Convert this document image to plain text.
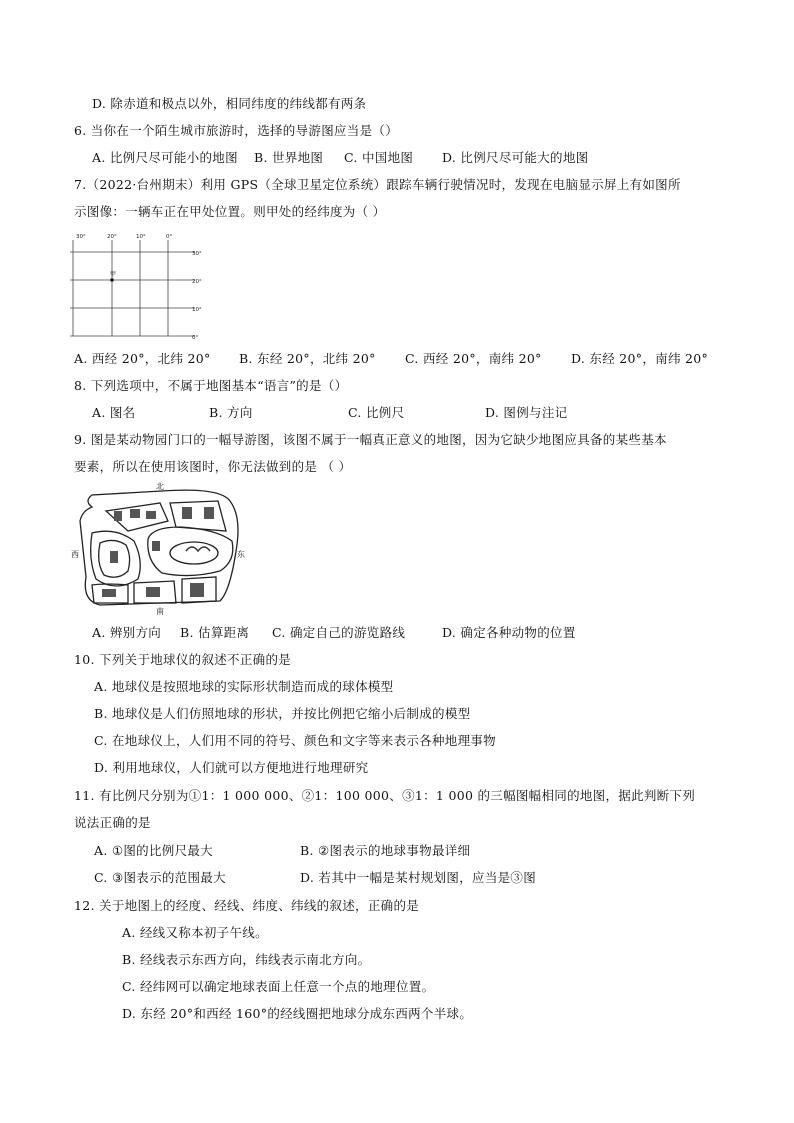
D. 除赤道和极点以外，相同纬度的纬线都有两条
6. 当你在一个陌生城市旅游时，选择的导游图应当是（）
A. 比例尺尽可能小的地图 B. 世界地图 C. 中国地图 D. 比例尺尽可能大的地图
7.（2022·台州期末）利用 GPS（全球卫星定位系统）跟踪车辆行驶情况时，发现在电脑显示屏上有如图所
示图像：一辆车正在甲处位置。则甲处的经纬度为（ ）
30°	20°	10°	0°
30°
20°
10°
0°
甲
A. 西经 20°，北纬 20° B. 东经 20°，北纬 20° C. 西经 20°，南纬 20° D. 东经 20°，南纬 20°
8. 下列选项中，不属于地图基本“语言”的是（）
A. 图名	B. 方向	C. 比例尺	D. 图例与注记
9. 图是某动物园门口的一幅导游图，该图不属于一幅真正意义的地图，因为它缺少地图应具备的某些基本
要素，所以在使用该图时，你无法做到的是 （ ）
北
南
西	东
A. 辨别方向 B. 估算距离 C. 确定自己的游览路线	D. 确定各种动物的位置
10. 下列关于地球仪的叙述不正确的是
A. 地球仪是按照地球的实际形状制造而成的球体模型
B. 地球仪是人们仿照地球的形状，并按比例把它缩小后制成的模型
C. 在地球仪上，人们用不同的符号、颜色和文字等来表示各种地理事物
D. 利用地球仪，人们就可以方便地进行地理研究
11. 有比例尺分别为①1：1 000 000、②1：100 000、③1：1 000 的三幅图幅相同的地图，据此判断下列
说法正确的是
A. ①图的比例尺最大	B. ②图表示的地球事物最详细
C. ③图表示的范围最大	D. 若其中一幅是某村规划图，应当是③图
12. 关于地图上的经度、经线、纬度、纬线的叙述，正确的是
A. 经线又称本初子午线。
B. 经线表示东西方向，纬线表示南北方向。
C. 经纬网可以确定地球表面上任意一个点的地理位置。
D. 东经 20°和西经 160°的经线圈把地球分成东西两个半球。
